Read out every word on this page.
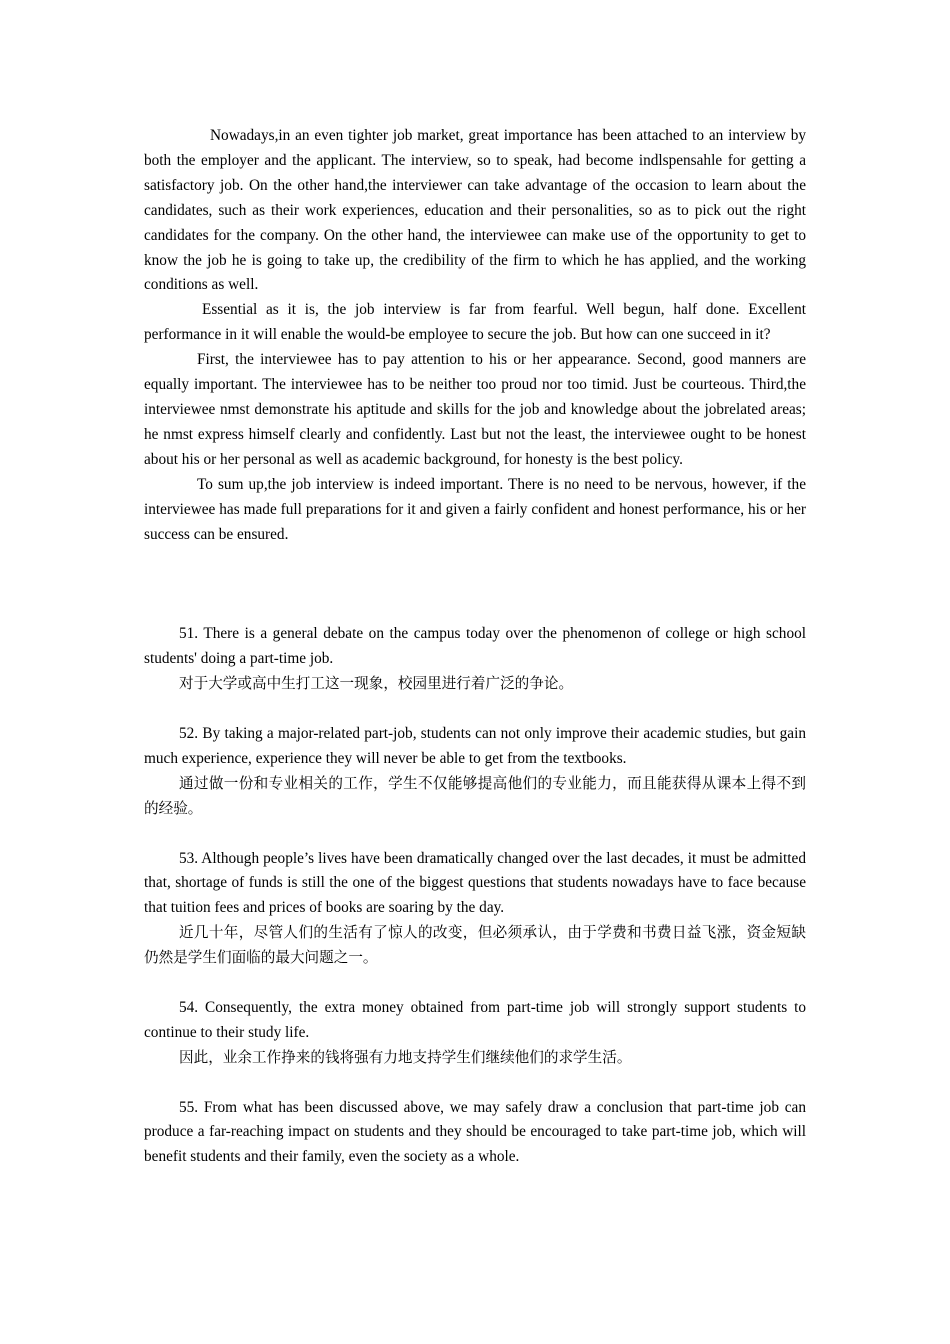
Nowadays,in an even tighter job market, great importance has been attached to an interview by both the employer and the applicant. The interview, so to speak, had become indlspensahle for getting a satisfactory job. On the other hand,the interviewer can take advantage of the occasion to learn about the candidates, such as their work experiences, education and their personalities, so as to pick out the right candidates for the company. On the other hand, the interviewee can make use of the opportunity to get to know the job he is going to take up, the credibility of the firm to which he has applied, and the working conditions as well.

Essential as it is, the job interview is far from fearful. Well begun, half done. Excellent performance in it will enable the would-be employee to secure the job. But how can one succeed in it?

First, the interviewee has to pay attention to his or her appearance. Second, good manners are equally important. The interviewee has to be neither too proud nor too timid. Just be courteous. Third,the interviewee nmst demonstrate his aptitude and skills for the job and knowledge about the jobrelated areas; he nmst express himself clearly and confidently. Last but not the least, the interviewee ought to be honest about his or her personal as well as academic background, for honesty is the best policy.

To sum up,the job interview is indeed important. There is no need to be nervous, however, if the interviewee has made full preparations for it and given a fairly confident and honest performance, his or her success can be ensured.

51. There is a general debate on the campus today over the phenomenon of college or high school students' doing a part-time job.

对于大学或高中生打工这一现象，校园里进行着广泛的争论。

52. By taking a major-related part-job, students can not only improve their academic studies, but gain much experience, experience they will never be able to get from the textbooks.

通过做一份和专业相关的工作，学生不仅能够提高他们的专业能力，而且能获得从课本上得不到的经验。

53. Although people’s lives have been dramatically changed over the last decades, it must be admitted that, shortage of funds is still the one of the biggest questions that students nowadays have to face because that tuition fees and prices of books are soaring by the day.

近几十年，尽管人们的生活有了惊人的改变，但必须承认，由于学费和书费日益飞涨，资金短缺仍然是学生们面临的最大问题之一。

54. Consequently, the extra money obtained from part-time job will strongly support students to continue to their study life.

因此，业余工作挣来的钱将强有力地支持学生们继续他们的求学生活。

55. From what has been discussed above, we may safely draw a conclusion that part-time job can produce a far-reaching impact on students and they should be encouraged to take part-time job, which will benefit students and their family, even the society as a whole.
